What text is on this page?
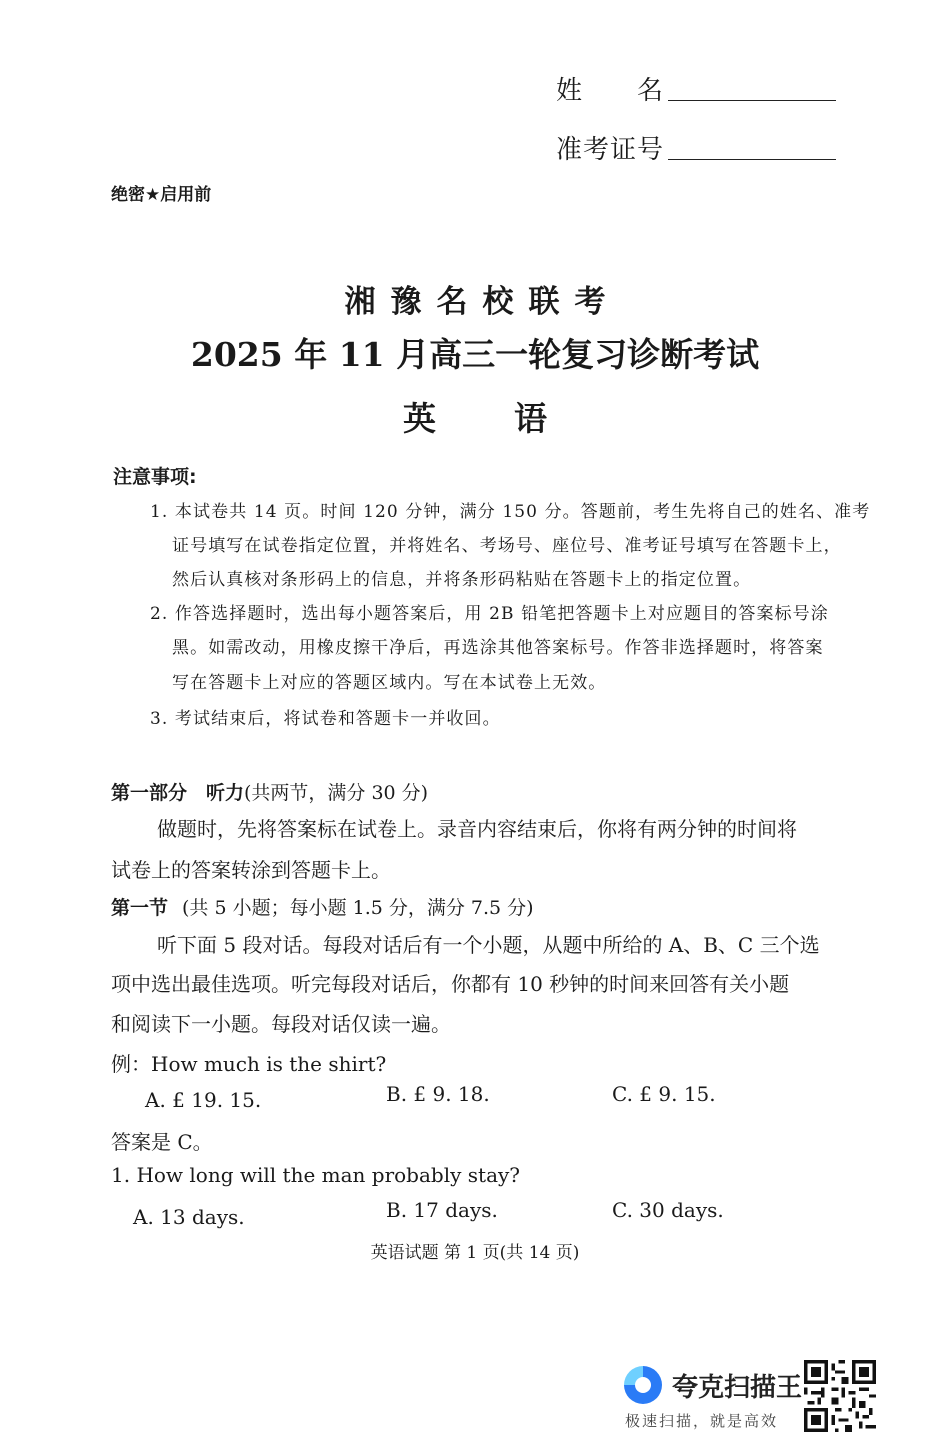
姓　　名
准考证号
绝密★启用前
湘豫名校联考
2025 年 11 月高三一轮复习诊断考试
英语
注意事项:
1. 本试卷共 14 页。时间 120 分钟，满分 150 分。答题前，考生先将自己的姓名、准考
证号填写在试卷指定位置，并将姓名、考场号、座位号、准考证号填写在答题卡上，
然后认真核对条形码上的信息，并将条形码粘贴在答题卡上的指定位置。
2. 作答选择题时，选出每小题答案后，用 2B 铅笔把答题卡上对应题目的答案标号涂
黑。如需改动，用橡皮擦干净后，再选涂其他答案标号。作答非选择题时，将答案
写在答题卡上对应的答题区域内。写在本试卷上无效。
3. 考试结束后，将试卷和答题卡一并收回。
第一部分　听力(共两节，满分 30 分)
做题时，先将答案标在试卷上。录音内容结束后，你将有两分钟的时间将
试卷上的答案转涂到答题卡上。
第一节 (共 5 小题；每小题 1.5 分，满分 7.5 分)
听下面 5 段对话。每段对话后有一个小题，从题中所给的 A、B、C 三个选
项中选出最佳选项。听完每段对话后，你都有 10 秒钟的时间来回答有关小题
和阅读下一小题。每段对话仅读一遍。
例：How much is the shirt?
A. £ 19. 15.	B. £ 9. 18.	C. £ 9. 15.
答案是 C。
1. How long will the man probably stay?
A. 13 days.	B. 17 days.	C. 30 days.
英语试题 第 1 页(共 14 页)
夸克扫描王
极速扫描，就是高效
